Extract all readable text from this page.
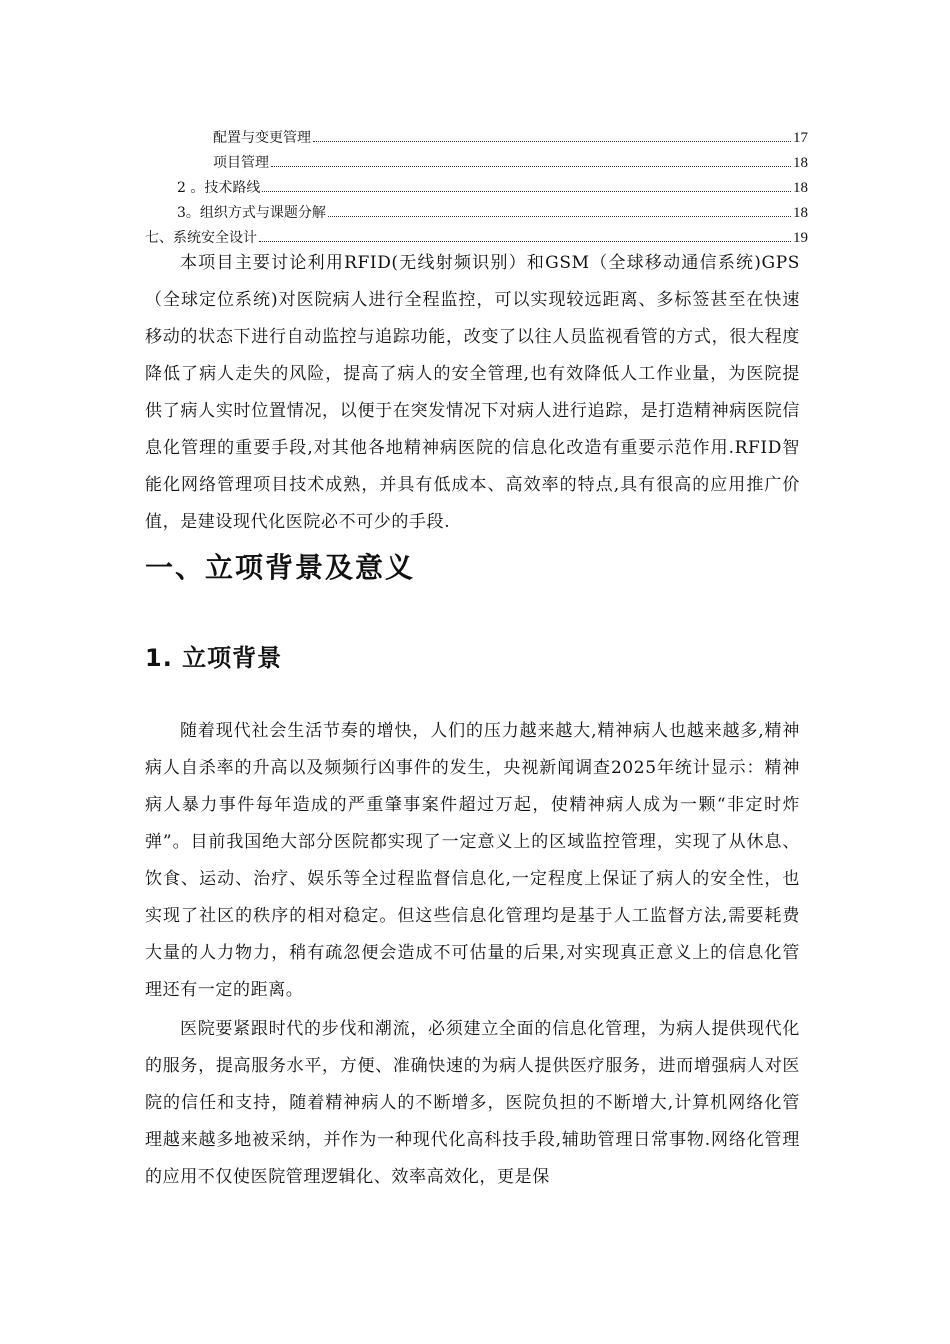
配置与变更管理	17
项目管理	18
2 。技术路线	18
3。组织方式与课题分解	18
七、系统安全设计	19

本项目主要讨论利用RFID(无线射频识别）和GSM（全球移动通信系统)GPS（全球定位系统)对医院病人进行全程监控，可以实现较远距离、多标签甚至在快速移动的状态下进行自动监控与追踪功能，改变了以往人员监视看管的方式，很大程度降低了病人走失的风险，提高了病人的安全管理,也有效降低人工作业量，为医院提供了病人实时位置情况，以便于在突发情况下对病人进行追踪，是打造精神病医院信息化管理的重要手段,对其他各地精神病医院的信息化改造有重要示范作用.RFID智能化网络管理项目技术成熟，并具有低成本、高效率的特点,具有很高的应用推广价值，是建设现代化医院必不可少的手段.

一、立项背景及意义
1. 立项背景

随着现代社会生活节奏的增快，人们的压力越来越大,精神病人也越来越多,精神病人自杀率的升高以及频频行凶事件的发生，央视新闻调查2025年统计显示：精神病人暴力事件每年造成的严重肇事案件超过万起，使精神病人成为一颗“非定时炸弹”。目前我国绝大部分医院都实现了一定意义上的区域监控管理，实现了从休息、饮食、运动、治疗、娱乐等全过程监督信息化,一定程度上保证了病人的安全性，也实现了社区的秩序的相对稳定。但这些信息化管理均是基于人工监督方法,需要耗费大量的人力物力，稍有疏忽便会造成不可估量的后果,对实现真正意义上的信息化管理还有一定的距离。

医院要紧跟时代的步伐和潮流，必须建立全面的信息化管理，为病人提供现代化的服务，提高服务水平，方便、准确快速的为病人提供医疗服务，进而增强病人对医院的信任和支持，随着精神病人的不断增多，医院负担的不断增大,计算机网络化管理越来越多地被采纳，并作为一种现代化高科技手段,辅助管理日常事物.网络化管理的应用不仅使医院管理逻辑化、效率高效化，更是保
